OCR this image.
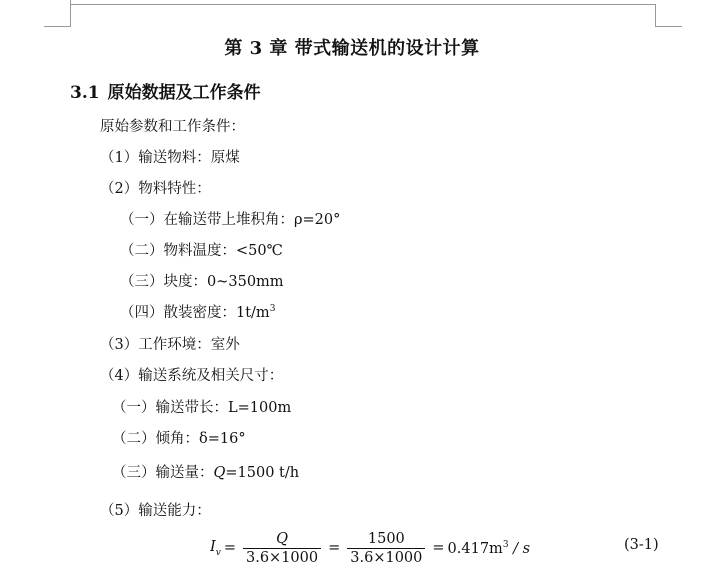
第 3 章 带式输送机的设计计算
3.1 原始数据及工作条件
原始参数和工作条件：
（1）输送物料：原煤
（2）物料特性：
（一）在输送带上堆积角：ρ=20°
（二）物料温度：<50℃
（三）块度：0~350mm
（四）散装密度：$1t/m^3$
（3）工作环境：室外
（4）输送系统及相关尺寸：
（一）输送带长：L=100m
（二）倾角：δ=16°
（三）输送量：Q=1500 t/h
（5）输送能力：
$I_v = \frac{Q}{3.6\times 1000} = \frac{1500}{3.6\times 1000} = 0.417m^3 / s$	(3-1)
